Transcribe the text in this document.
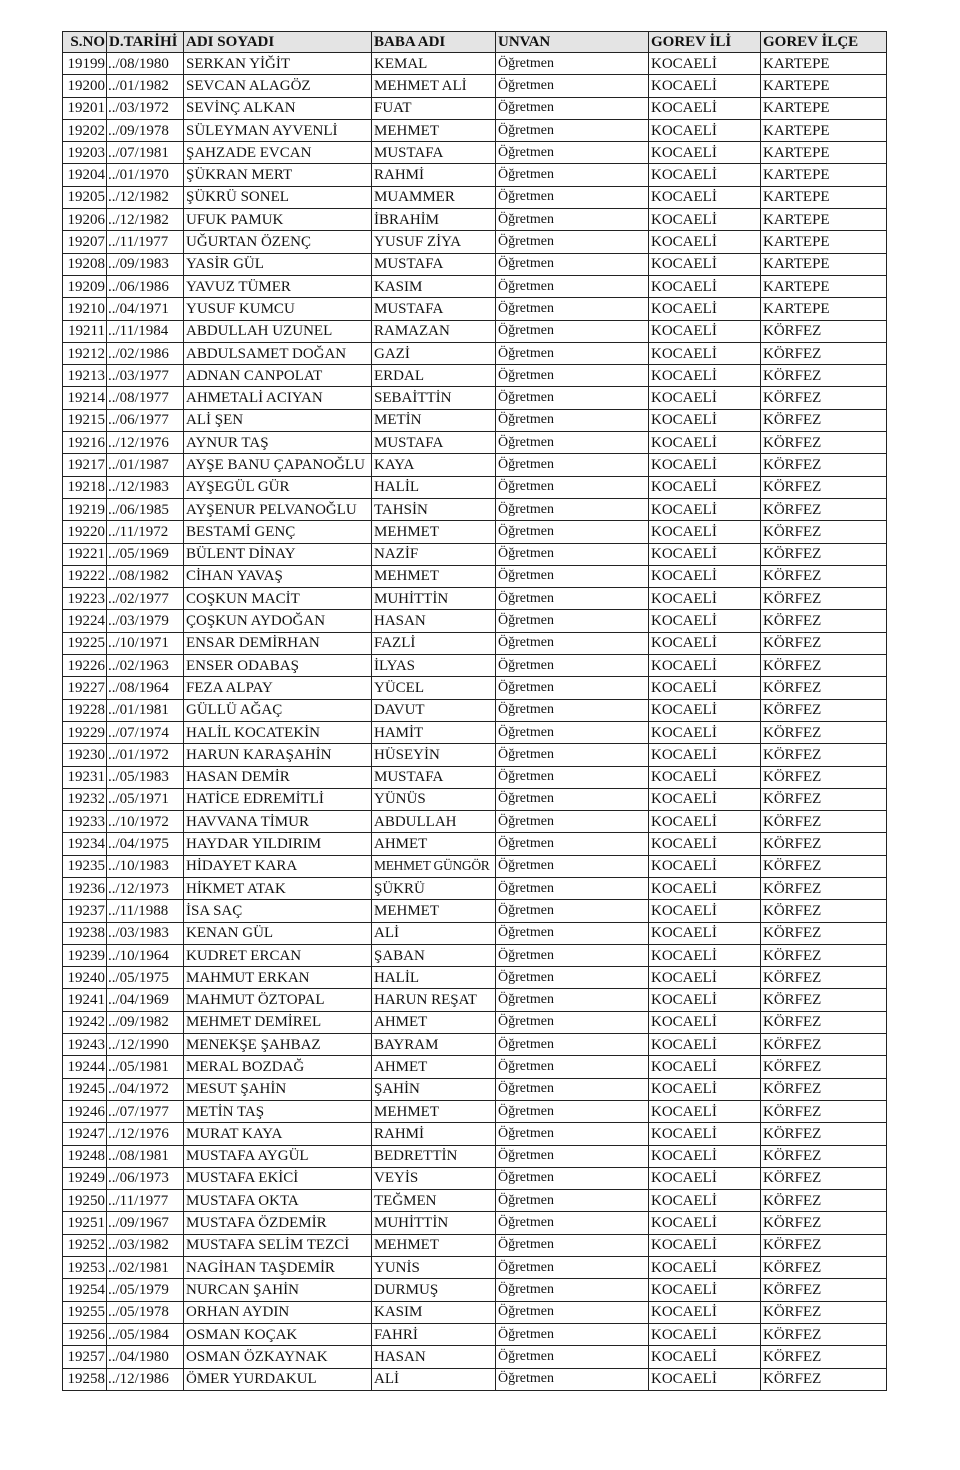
S.NO	D.TARİHİ	ADI SOYADI	BABA ADI	UNVAN	GOREV İLİ	GOREV İLÇE
19199	../08/1980	SERKAN YİĞİT	KEMAL	Öğretmen	KOCAELİ	KARTEPE
19200	../01/1982	SEVCAN ALAGÖZ	MEHMET ALİ	Öğretmen	KOCAELİ	KARTEPE
19201	../03/1972	SEVİNÇ ALKAN	FUAT	Öğretmen	KOCAELİ	KARTEPE
19202	../09/1978	SÜLEYMAN AYVENLİ	MEHMET	Öğretmen	KOCAELİ	KARTEPE
19203	../07/1981	ŞAHZADE EVCAN	MUSTAFA	Öğretmen	KOCAELİ	KARTEPE
19204	../01/1970	ŞÜKRAN MERT	RAHMİ	Öğretmen	KOCAELİ	KARTEPE
19205	../12/1982	ŞÜKRÜ SONEL	MUAMMER	Öğretmen	KOCAELİ	KARTEPE
19206	../12/1982	UFUK PAMUK	İBRAHİM	Öğretmen	KOCAELİ	KARTEPE
19207	../11/1977	UĞURTAN ÖZENÇ	YUSUF ZİYA	Öğretmen	KOCAELİ	KARTEPE
19208	../09/1983	YASİR GÜL	MUSTAFA	Öğretmen	KOCAELİ	KARTEPE
19209	../06/1986	YAVUZ TÜMER	KASIM	Öğretmen	KOCAELİ	KARTEPE
19210	../04/1971	YUSUF KUMCU	MUSTAFA	Öğretmen	KOCAELİ	KARTEPE
19211	../11/1984	ABDULLAH UZUNEL	RAMAZAN	Öğretmen	KOCAELİ	KÖRFEZ
19212	../02/1986	ABDULSAMET DOĞAN	GAZİ	Öğretmen	KOCAELİ	KÖRFEZ
19213	../03/1977	ADNAN CANPOLAT	ERDAL	Öğretmen	KOCAELİ	KÖRFEZ
19214	../08/1977	AHMETALİ ACIYAN	SEBAİTTİN	Öğretmen	KOCAELİ	KÖRFEZ
19215	../06/1977	ALİ ŞEN	METİN	Öğretmen	KOCAELİ	KÖRFEZ
19216	../12/1976	AYNUR TAŞ	MUSTAFA	Öğretmen	KOCAELİ	KÖRFEZ
19217	../01/1987	AYŞE BANU ÇAPANOĞLU	KAYA	Öğretmen	KOCAELİ	KÖRFEZ
19218	../12/1983	AYŞEGÜL GÜR	HALİL	Öğretmen	KOCAELİ	KÖRFEZ
19219	../06/1985	AYŞENUR PELVANOĞLU	TAHSİN	Öğretmen	KOCAELİ	KÖRFEZ
19220	../11/1972	BESTAMİ GENÇ	MEHMET	Öğretmen	KOCAELİ	KÖRFEZ
19221	../05/1969	BÜLENT DİNAY	NAZİF	Öğretmen	KOCAELİ	KÖRFEZ
19222	../08/1982	CİHAN YAVAŞ	MEHMET	Öğretmen	KOCAELİ	KÖRFEZ
19223	../02/1977	COŞKUN MACİT	MUHİTTİN	Öğretmen	KOCAELİ	KÖRFEZ
19224	../03/1979	ÇOŞKUN AYDOĞAN	HASAN	Öğretmen	KOCAELİ	KÖRFEZ
19225	../10/1971	ENSAR DEMİRHAN	FAZLİ	Öğretmen	KOCAELİ	KÖRFEZ
19226	../02/1963	ENSER ODABAŞ	İLYAS	Öğretmen	KOCAELİ	KÖRFEZ
19227	../08/1964	FEZA ALPAY	YÜCEL	Öğretmen	KOCAELİ	KÖRFEZ
19228	../01/1981	GÜLLÜ AĞAÇ	DAVUT	Öğretmen	KOCAELİ	KÖRFEZ
19229	../07/1974	HALİL KOCATEKİN	HAMİT	Öğretmen	KOCAELİ	KÖRFEZ
19230	../01/1972	HARUN KARAŞAHİN	HÜSEYİN	Öğretmen	KOCAELİ	KÖRFEZ
19231	../05/1983	HASAN DEMİR	MUSTAFA	Öğretmen	KOCAELİ	KÖRFEZ
19232	../05/1971	HATİCE EDREMİTLİ	YÜNÜS	Öğretmen	KOCAELİ	KÖRFEZ
19233	../10/1972	HAVVANA TİMUR	ABDULLAH	Öğretmen	KOCAELİ	KÖRFEZ
19234	../04/1975	HAYDAR YILDIRIM	AHMET	Öğretmen	KOCAELİ	KÖRFEZ
19235	../10/1983	HİDAYET KARA	MEHMET GÜNGÖR	Öğretmen	KOCAELİ	KÖRFEZ
19236	../12/1973	HİKMET ATAK	ŞÜKRÜ	Öğretmen	KOCAELİ	KÖRFEZ
19237	../11/1988	İSA SAÇ	MEHMET	Öğretmen	KOCAELİ	KÖRFEZ
19238	../03/1983	KENAN GÜL	ALİ	Öğretmen	KOCAELİ	KÖRFEZ
19239	../10/1964	KUDRET ERCAN	ŞABAN	Öğretmen	KOCAELİ	KÖRFEZ
19240	../05/1975	MAHMUT ERKAN	HALİL	Öğretmen	KOCAELİ	KÖRFEZ
19241	../04/1969	MAHMUT ÖZTOPAL	HARUN REŞAT	Öğretmen	KOCAELİ	KÖRFEZ
19242	../09/1982	MEHMET DEMİREL	AHMET	Öğretmen	KOCAELİ	KÖRFEZ
19243	../12/1990	MENEKŞE ŞAHBAZ	BAYRAM	Öğretmen	KOCAELİ	KÖRFEZ
19244	../05/1981	MERAL BOZDAĞ	AHMET	Öğretmen	KOCAELİ	KÖRFEZ
19245	../04/1972	MESUT ŞAHİN	ŞAHİN	Öğretmen	KOCAELİ	KÖRFEZ
19246	../07/1977	METİN TAŞ	MEHMET	Öğretmen	KOCAELİ	KÖRFEZ
19247	../12/1976	MURAT KAYA	RAHMİ	Öğretmen	KOCAELİ	KÖRFEZ
19248	../08/1981	MUSTAFA AYGÜL	BEDRETTİN	Öğretmen	KOCAELİ	KÖRFEZ
19249	../06/1973	MUSTAFA EKİCİ	VEYİS	Öğretmen	KOCAELİ	KÖRFEZ
19250	../11/1977	MUSTAFA OKTA	TEĞMEN	Öğretmen	KOCAELİ	KÖRFEZ
19251	../09/1967	MUSTAFA ÖZDEMİR	MUHİTTİN	Öğretmen	KOCAELİ	KÖRFEZ
19252	../03/1982	MUSTAFA SELİM TEZCİ	MEHMET	Öğretmen	KOCAELİ	KÖRFEZ
19253	../02/1981	NAGİHAN TAŞDEMİR	YUNİS	Öğretmen	KOCAELİ	KÖRFEZ
19254	../05/1979	NURCAN ŞAHİN	DURMUŞ	Öğretmen	KOCAELİ	KÖRFEZ
19255	../05/1978	ORHAN AYDIN	KASIM	Öğretmen	KOCAELİ	KÖRFEZ
19256	../05/1984	OSMAN KOÇAK	FAHRİ	Öğretmen	KOCAELİ	KÖRFEZ
19257	../04/1980	OSMAN ÖZKAYNAK	HASAN	Öğretmen	KOCAELİ	KÖRFEZ
19258	../12/1986	ÖMER YURDAKUL	ALİ	Öğretmen	KOCAELİ	KÖRFEZ
